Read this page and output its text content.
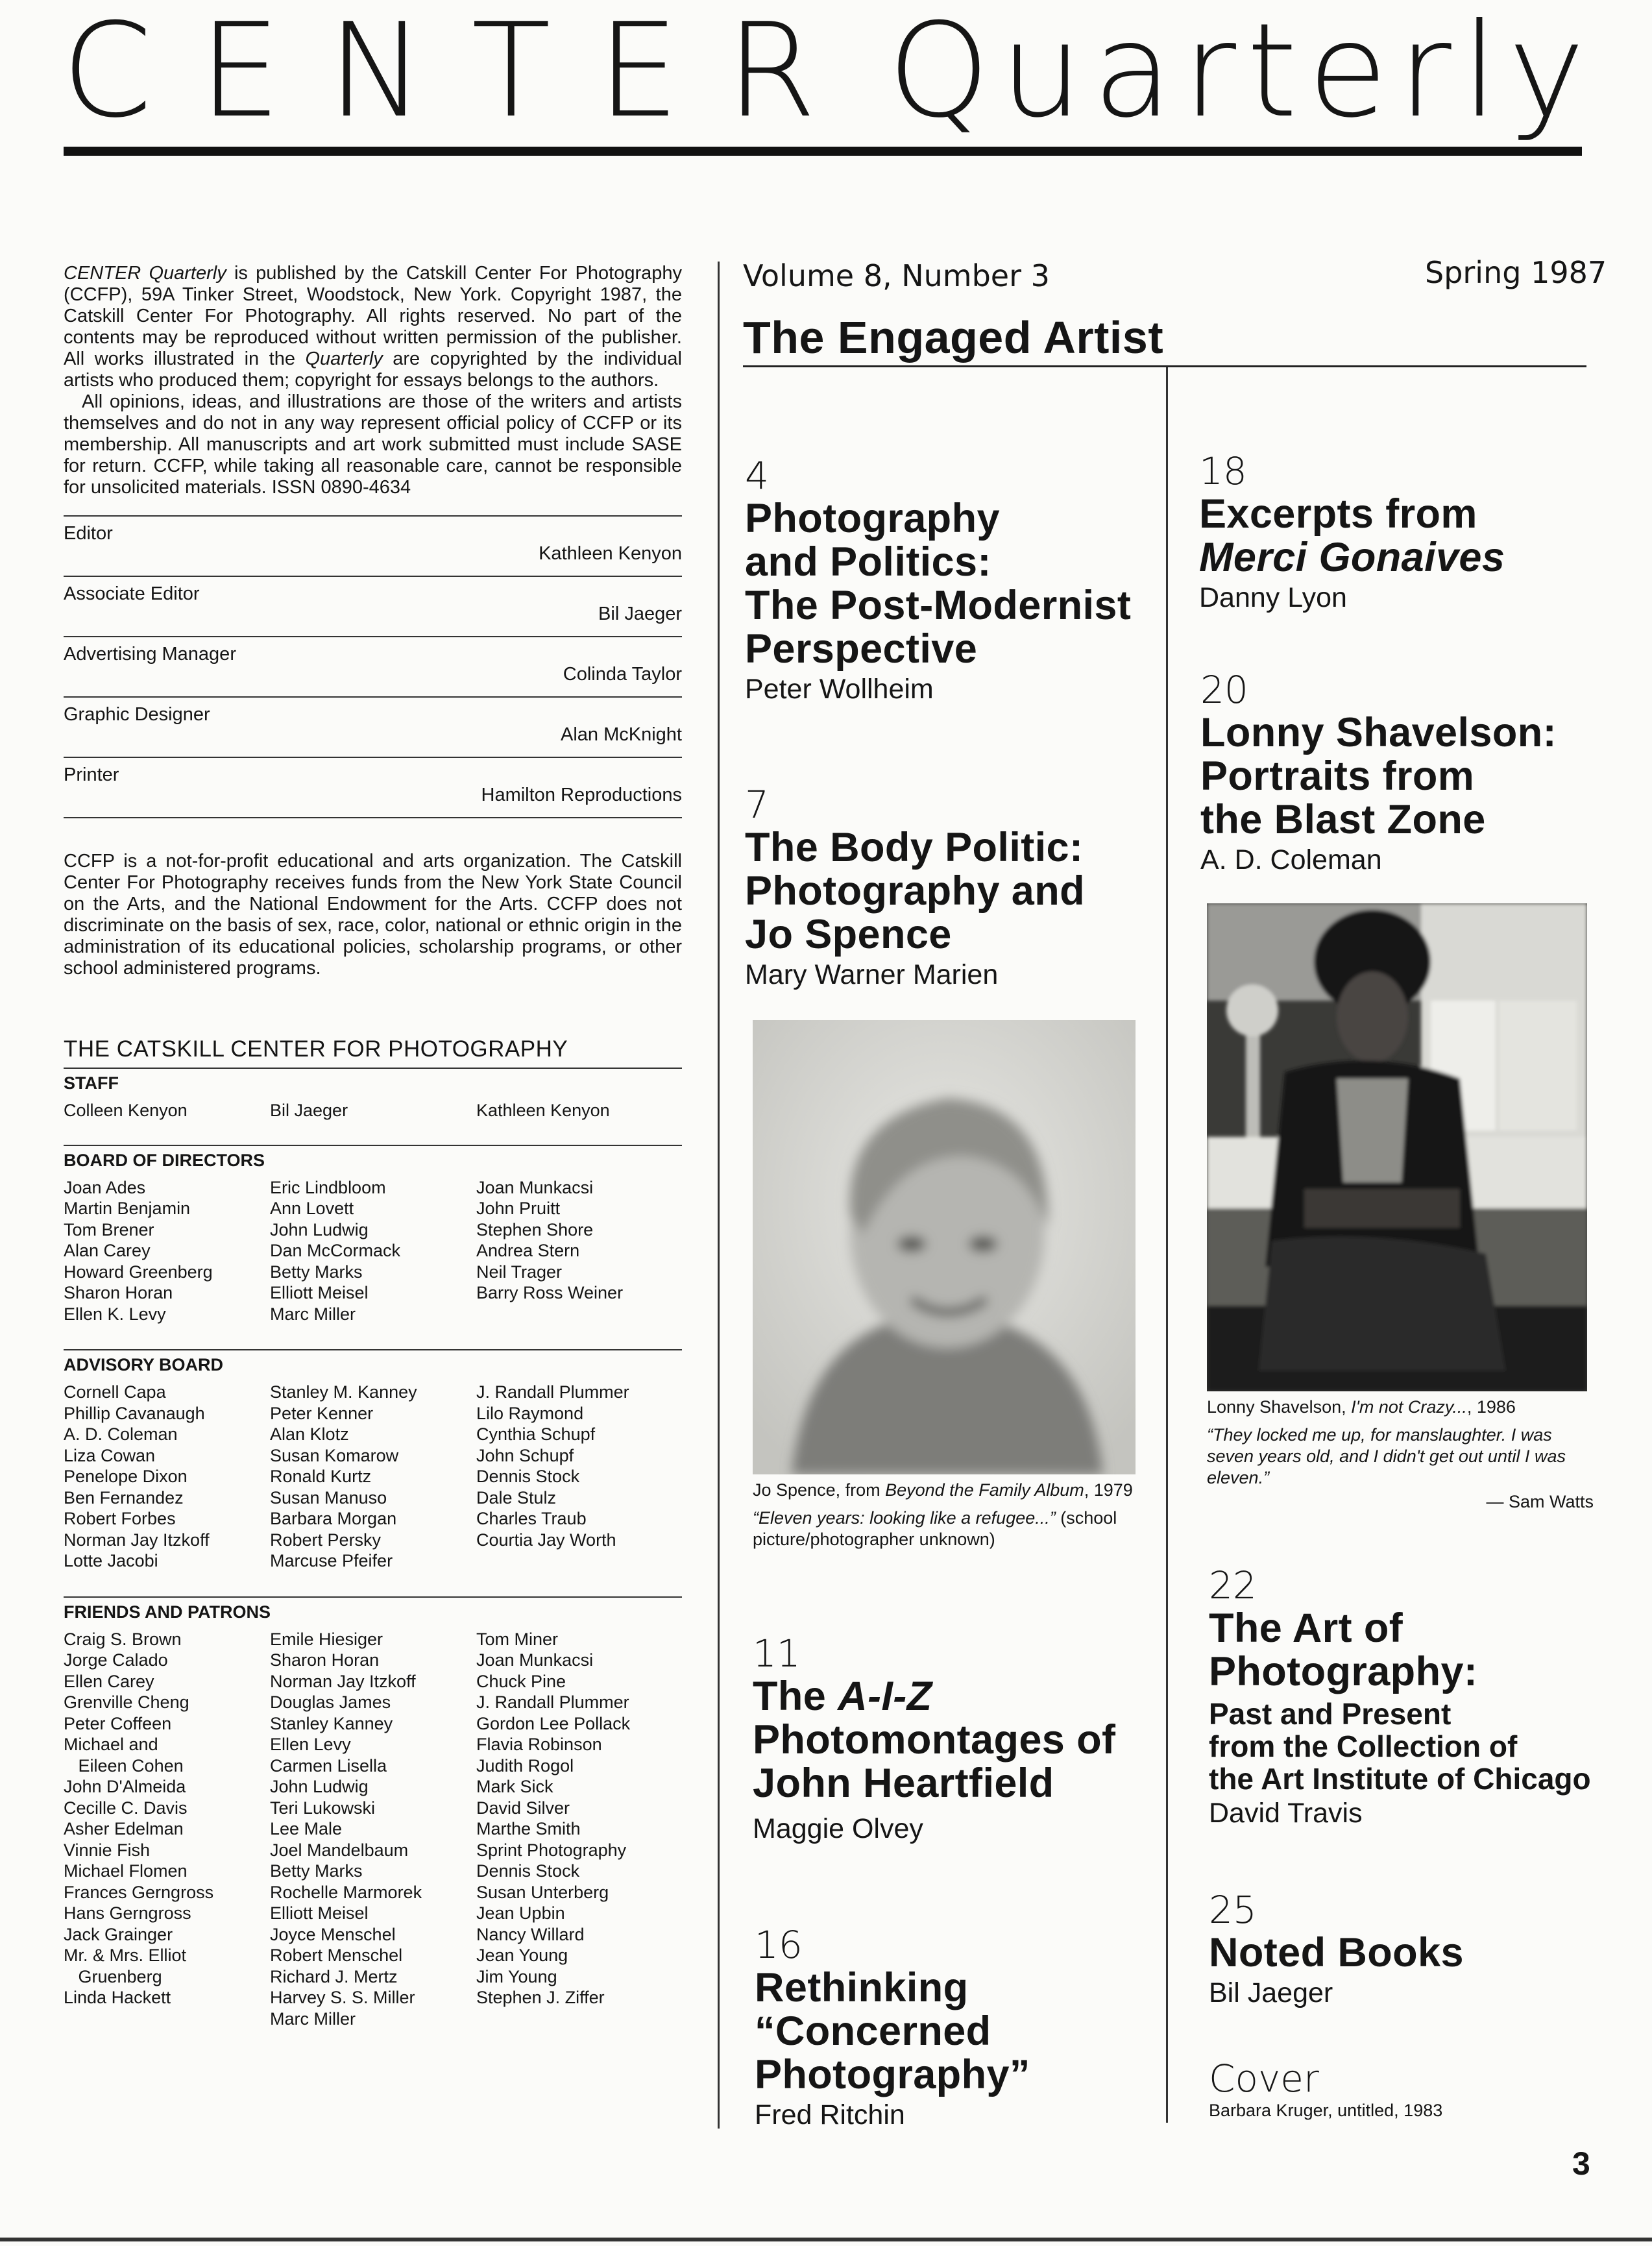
CENTER Quarterly

CENTER Quarterly is published by the Catskill Center For Photography (CCFP), 59A Tinker Street, Woodstock, New York. Copyright 1987, the Catskill Center For Photography. All rights reserved. No part of the contents may be reproduced without written permission of the publisher. All works illustrated in the Quarterly are copyrighted by the individual artists who produced them; copyright for essays belongs to the authors.

All opinions, ideas, and illustrations are those of the writers and artists themselves and do not in any way represent official policy of CCFP or its membership. All manuscripts and art work submitted must include SASE for return. CCFP, while taking all reasonable care, cannot be responsible for unsolicited materials. ISSN 0890-4634

Editor
Kathleen Kenyon
Associate Editor
Bil Jaeger
Advertising Manager
Colinda Taylor
Graphic Designer
Alan McKnight
Printer
Hamilton Reproductions

CCFP is a not-for-profit educational and arts organization. The Catskill Center For Photography receives funds from the New York State Council on the Arts, and the National Endowment for the Arts. CCFP does not discriminate on the basis of sex, race, color, national or ethnic origin in the administration of its educational policies, scholarship programs, or other school administered programs.

THE CATSKILL CENTER FOR PHOTOGRAPHY
STAFF
Colleen Kenyon	Bil Jaeger	Kathleen Kenyon
BOARD OF DIRECTORS
Joan Ades	Eric Lindbloom	Joan Munkacsi
Martin Benjamin	Ann Lovett	John Pruitt
Tom Brener	John Ludwig	Stephen Shore
Alan Carey	Dan McCormack	Andrea Stern
Howard Greenberg	Betty Marks	Neil Trager
Sharon Horan	Elliott Meisel	Barry Ross Weiner
Ellen K. Levy	Marc Miller
ADVISORY BOARD
Cornell Capa	Stanley M. Kanney	J. Randall Plummer
Phillip Cavanaugh	Peter Kenner	Lilo Raymond
A. D. Coleman	Alan Klotz	Cynthia Schupf
Liza Cowan	Susan Komarow	John Schupf
Penelope Dixon	Ronald Kurtz	Dennis Stock
Ben Fernandez	Susan Manuso	Dale Stulz
Robert Forbes	Barbara Morgan	Charles Traub
Norman Jay Itzkoff	Robert Persky	Courtia Jay Worth
Lotte Jacobi	Marcuse Pfeifer
FRIENDS AND PATRONS
Craig S. Brown	Emile Hiesiger	Tom Miner
Jorge Calado	Sharon Horan	Joan Munkacsi
Ellen Carey	Norman Jay Itzkoff	Chuck Pine
Grenville Cheng	Douglas James	J. Randall Plummer
Peter Coffeen	Stanley Kanney	Gordon Lee Pollack
Michael and	Ellen Levy	Flavia Robinson
Eileen Cohen	Carmen Lisella	Judith Rogol
John D'Almeida	John Ludwig	Mark Sick
Cecille C. Davis	Teri Lukowski	David Silver
Asher Edelman	Lee Male	Marthe Smith
Vinnie Fish	Joel Mandelbaum	Sprint Photography
Michael Flomen	Betty Marks	Dennis Stock
Frances Gerngross	Rochelle Marmorek	Susan Unterberg
Hans Gerngross	Elliott Meisel	Jean Upbin
Jack Grainger	Joyce Menschel	Nancy Willard
Mr. & Mrs. Elliot	Robert Menschel	Jean Young
Gruenberg	Richard J. Mertz	Jim Young
Linda Hackett	Harvey S. S. Miller	Stephen J. Ziffer
Marc Miller
Volume 8, Number 3	Spring 1987
The Engaged Artist
4
Photography
and Politics:
The Post-Modernist
Perspective
Peter Wollheim
7
The Body Politic:
Photography and
Jo Spence
Mary Warner Marien
Jo Spence, from Beyond the Family Album, 1979
“Eleven years: looking like a refugee...” (school picture/photographer unknown)
11
The A-I-Z
Photomontages of
John Heartfield
Maggie Olvey
16
Rethinking
“Concerned
Photography”
Fred Ritchin
18
Excerpts from
Merci Gonaives
Danny Lyon
20
Lonny Shavelson:
Portraits from
the Blast Zone
A. D. Coleman
Lonny Shavelson, I'm not Crazy..., 1986
“They locked me up, for manslaughter. I was seven years old, and I didn't get out until I was eleven.”
— Sam Watts
22
The Art of
Photography:
Past and Present
from the Collection of
the Art Institute of Chicago
David Travis
25
Noted Books
Bil Jaeger
Cover
Barbara Kruger, untitled, 1983
3
